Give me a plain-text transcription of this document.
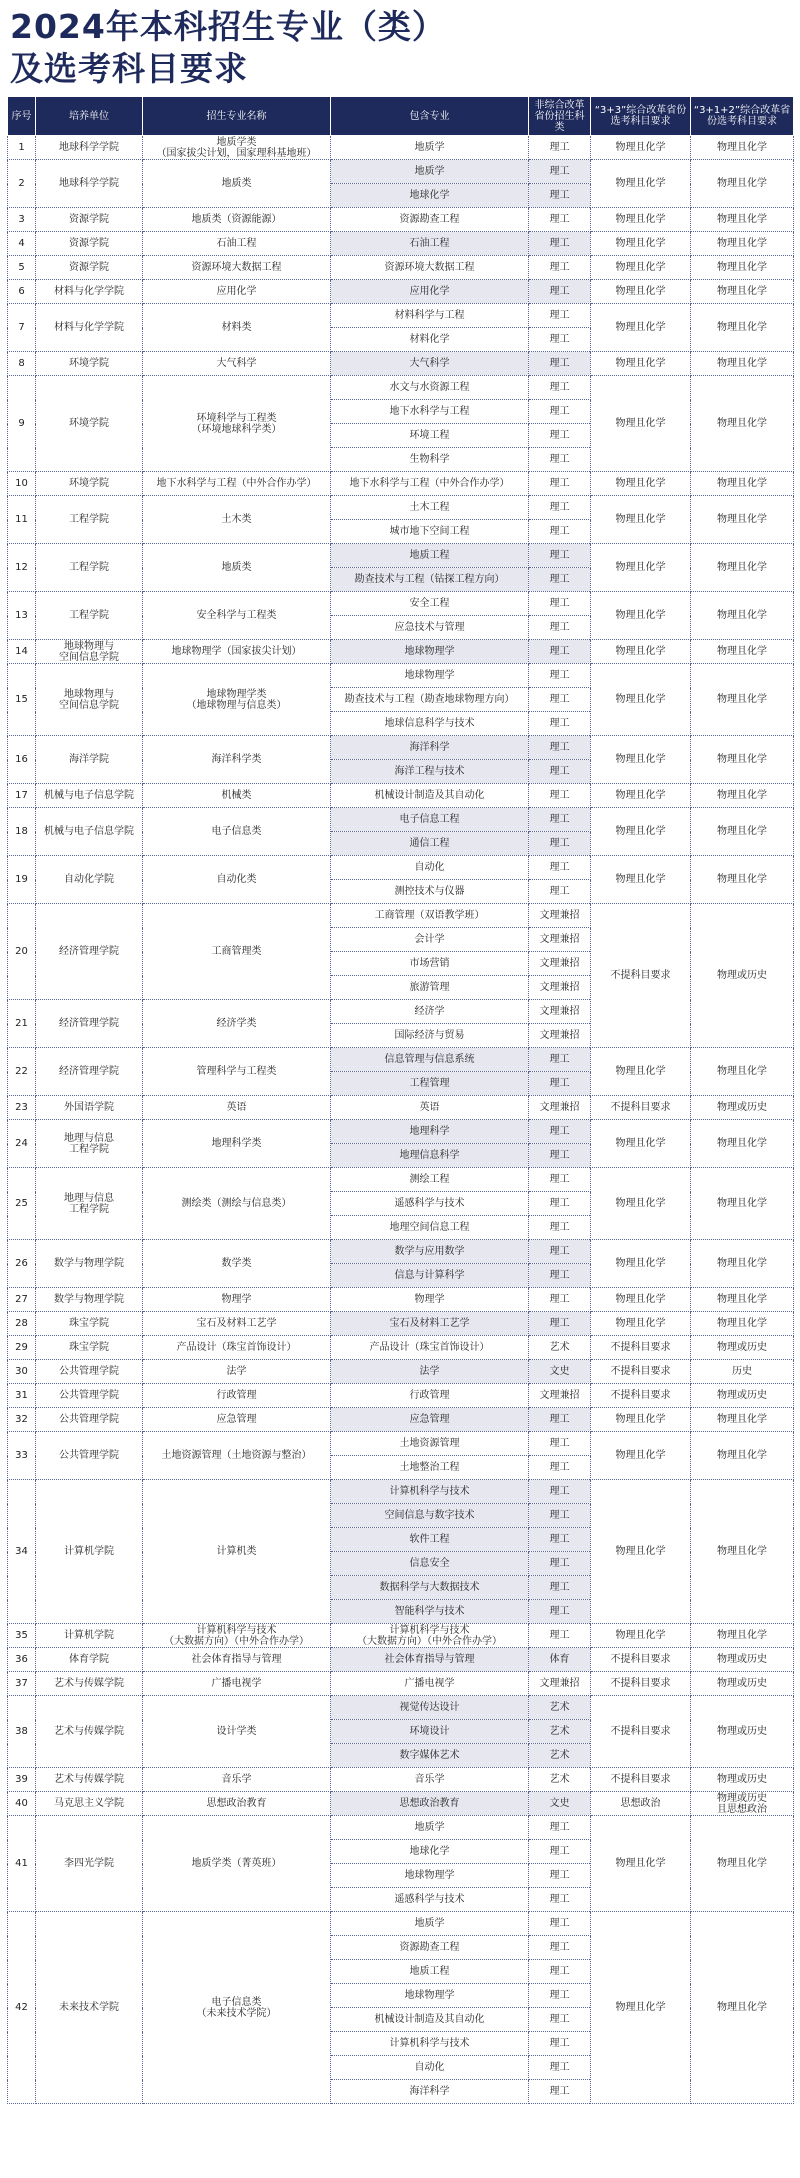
2024年本科招生专业（类）
及选考科目要求
序号	培养单位	招生专业名称	包含专业	非综合改革省份招生科类	“3+3”综合改革省份选考科目要求	“3+1+2”综合改革省份选考科目要求
1	地球科学学院	地质学类
（国家拔尖计划，国家理科基地班）	地质学	理工	物理且化学	物理且化学
2	地球科学学院	地质类	地质学	理工	物理且化学	物理且化学
			地球化学	理工		
3	资源学院	地质类（资源能源）	资源勘查工程	理工	物理且化学	物理且化学
4	资源学院	石油工程	石油工程	理工	物理且化学	物理且化学
5	资源学院	资源环境大数据工程	资源环境大数据工程	理工	物理且化学	物理且化学
6	材料与化学学院	应用化学	应用化学	理工	物理且化学	物理且化学
7	材料与化学学院	材料类	材料科学与工程	理工	物理且化学	物理且化学
			材料化学	理工		
8	环境学院	大气科学	大气科学	理工	物理且化学	物理且化学
9	环境学院	环境科学与工程类
（环境地球科学类）	水文与水资源工程	理工	物理且化学	物理且化学
			地下水科学与工程	理工		
			环境工程	理工		
			生物科学	理工		
10	环境学院	地下水科学与工程（中外合作办学）	地下水科学与工程（中外合作办学）	理工	物理且化学	物理且化学
11	工程学院	土木类	土木工程	理工	物理且化学	物理且化学
			城市地下空间工程	理工		
12	工程学院	地质类	地质工程	理工	物理且化学	物理且化学
			勘查技术与工程（钻探工程方向）	理工		
13	工程学院	安全科学与工程类	安全工程	理工	物理且化学	物理且化学
			应急技术与管理	理工		
14	地球物理与
空间信息学院	地球物理学（国家拔尖计划）	地球物理学	理工	物理且化学	物理且化学
15	地球物理与
空间信息学院	地球物理学类
（地球物理与信息类）	地球物理学	理工	物理且化学	物理且化学
			勘查技术与工程（勘查地球物理方向）	理工		
			地球信息科学与技术	理工		
16	海洋学院	海洋科学类	海洋科学	理工	物理且化学	物理且化学
			海洋工程与技术	理工		
17	机械与电子信息学院	机械类	机械设计制造及其自动化	理工	物理且化学	物理且化学
18	机械与电子信息学院	电子信息类	电子信息工程	理工	物理且化学	物理且化学
			通信工程	理工		
19	自动化学院	自动化类	自动化	理工	物理且化学	物理且化学
			测控技术与仪器	理工		
20	经济管理学院	工商管理类	工商管理（双语教学班）	文理兼招	不提科目要求	物理或历史
			会计学	文理兼招		
			市场营销	文理兼招		
			旅游管理	文理兼招		
21	经济管理学院	经济学类	经济学	文理兼招		
			国际经济与贸易	文理兼招		
22	经济管理学院	管理科学与工程类	信息管理与信息系统	理工	物理且化学	物理且化学
			工程管理	理工		
23	外国语学院	英语	英语	文理兼招	不提科目要求	物理或历史
24	地理与信息
工程学院	地理科学类	地理科学	理工	物理且化学	物理且化学
			地理信息科学	理工		
25	地理与信息
工程学院	测绘类（测绘与信息类）	测绘工程	理工	物理且化学	物理且化学
			遥感科学与技术	理工		
			地理空间信息工程	理工		
26	数学与物理学院	数学类	数学与应用数学	理工	物理且化学	物理且化学
			信息与计算科学	理工		
27	数学与物理学院	物理学	物理学	理工	物理且化学	物理且化学
28	珠宝学院	宝石及材料工艺学	宝石及材料工艺学	理工	物理且化学	物理且化学
29	珠宝学院	产品设计（珠宝首饰设计）	产品设计（珠宝首饰设计）	艺术	不提科目要求	物理或历史
30	公共管理学院	法学	法学	文史	不提科目要求	历史
31	公共管理学院	行政管理	行政管理	文理兼招	不提科目要求	物理或历史
32	公共管理学院	应急管理	应急管理	理工	物理且化学	物理且化学
33	公共管理学院	土地资源管理（土地资源与整治）	土地资源管理	理工	物理且化学	物理且化学
			土地整治工程	理工		
34	计算机学院	计算机类	计算机科学与技术	理工	物理且化学	物理且化学
			空间信息与数字技术	理工		
			软件工程	理工		
			信息安全	理工		
			数据科学与大数据技术	理工		
			智能科学与技术	理工		
35	计算机学院	计算机科学与技术
（大数据方向）（中外合作办学）	计算机科学与技术
（大数据方向）（中外合作办学）	理工	物理且化学	物理且化学
36	体育学院	社会体育指导与管理	社会体育指导与管理	体育	不提科目要求	物理或历史
37	艺术与传媒学院	广播电视学	广播电视学	文理兼招	不提科目要求	物理或历史
38	艺术与传媒学院	设计学类	视觉传达设计	艺术	不提科目要求	物理或历史
			环境设计	艺术		
			数字媒体艺术	艺术		
39	艺术与传媒学院	音乐学	音乐学	艺术	不提科目要求	物理或历史
40	马克思主义学院	思想政治教育	思想政治教育	文史	思想政治	物理或历史
且思想政治
41	李四光学院	地质学类（菁英班）	地质学	理工	物理且化学	物理且化学
			地球化学	理工		
			地球物理学	理工		
			遥感科学与技术	理工		
42	未来技术学院	电子信息类
（未来技术学院）	地质学	理工	物理且化学	物理且化学
			资源勘查工程	理工		
			地质工程	理工		
			地球物理学	理工		
			机械设计制造及其自动化	理工		
			计算机科学与技术	理工		
			自动化	理工		
			海洋科学	理工		
